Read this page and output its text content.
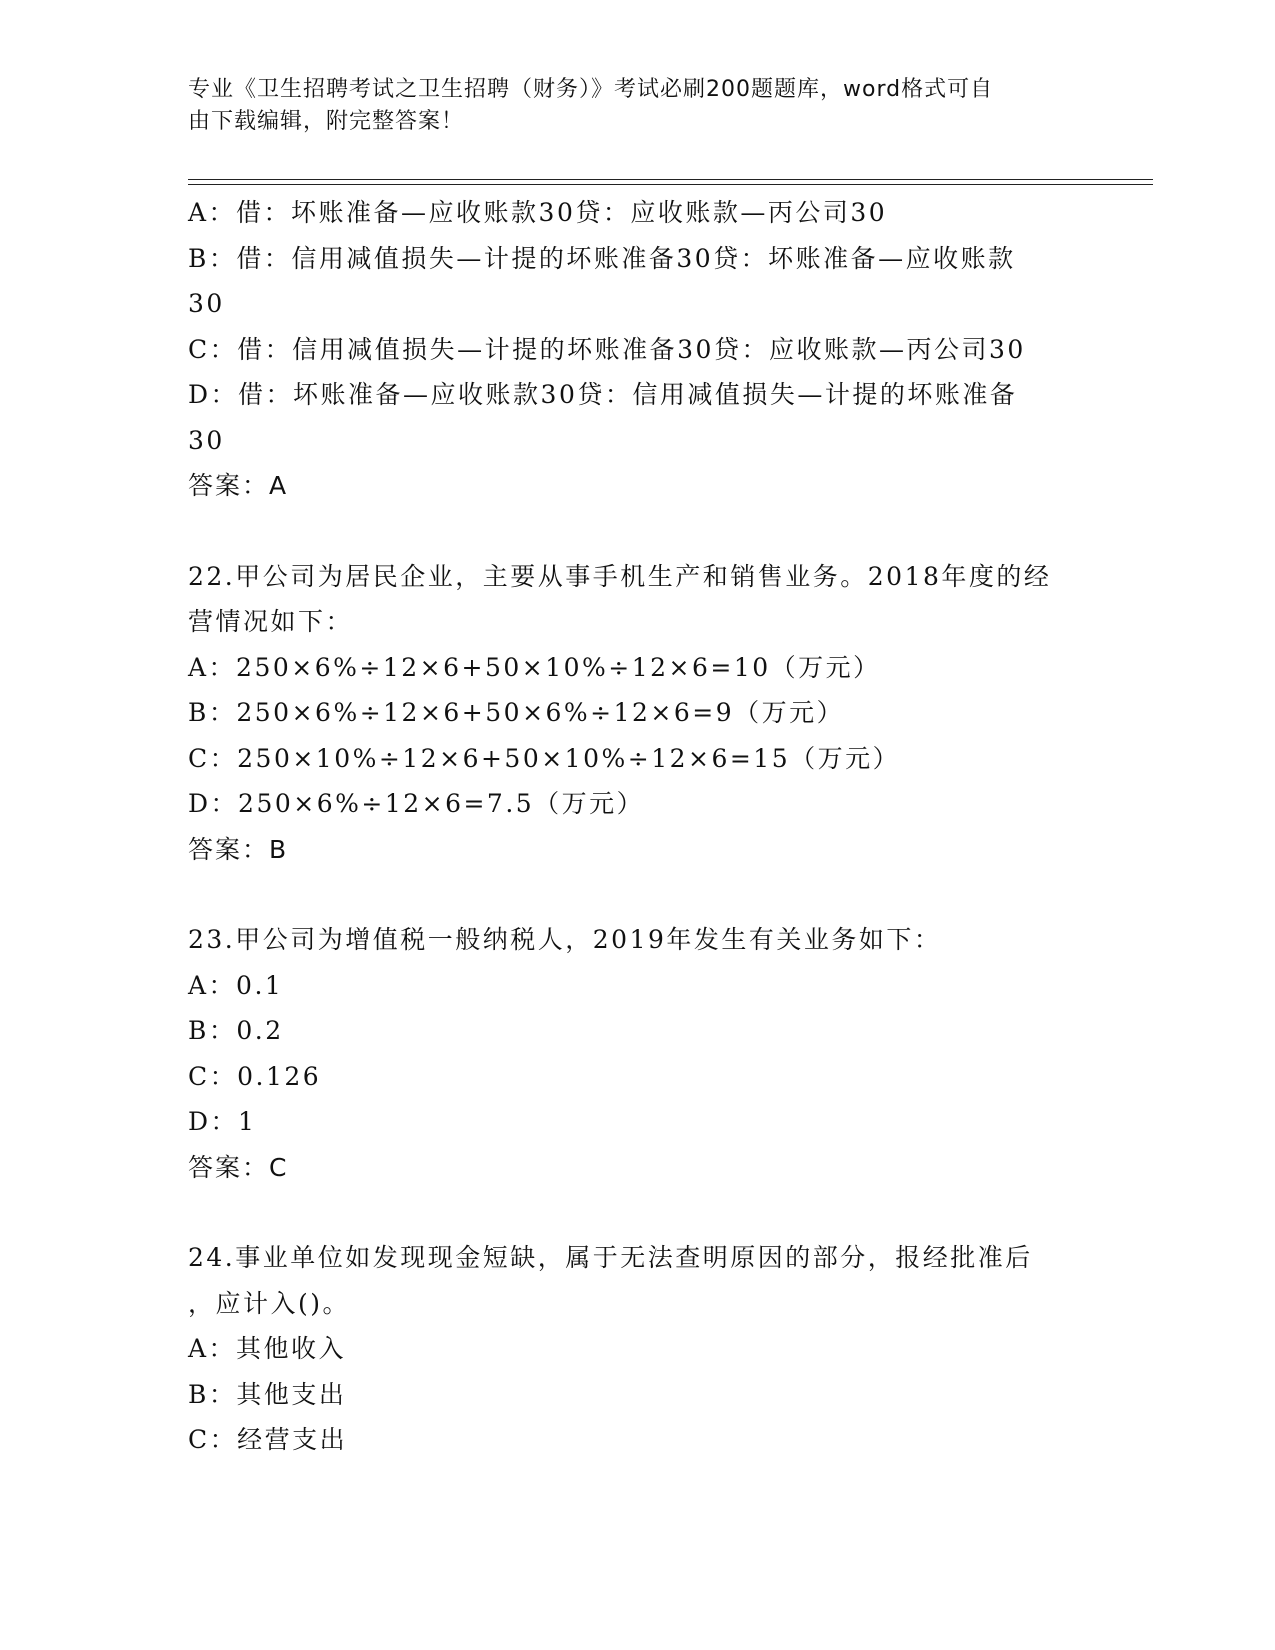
专业《卫生招聘考试之卫生招聘（财务）》考试必刷200题题库，word格式可自
由下载编辑，附完整答案！
A：借：坏账准备—应收账款30贷：应收账款—丙公司30
B：借：信用减值损失—计提的坏账准备30贷：坏账准备—应收账款
30
C：借：信用减值损失—计提的坏账准备30贷：应收账款—丙公司30
D：借：坏账准备—应收账款30贷：信用减值损失—计提的坏账准备
30
答案：A
22.甲公司为居民企业，主要从事手机生产和销售业务。2018年度的经
营情况如下：
A：250×6%÷12×6+50×10%÷12×6=10（万元）
B：250×6%÷12×6+50×6%÷12×6=9（万元）
C：250×10%÷12×6+50×10%÷12×6=15（万元）
D：250×6%÷12×6=7.5（万元）
答案：B
23.甲公司为增值税一般纳税人，2019年发生有关业务如下：
A：0.1
B：0.2
C：0.126
D：1
答案：C
24.事业单位如发现现金短缺，属于无法查明原因的部分，报经批准后
，应计入()。
A：其他收入
B：其他支出
C：经营支出
